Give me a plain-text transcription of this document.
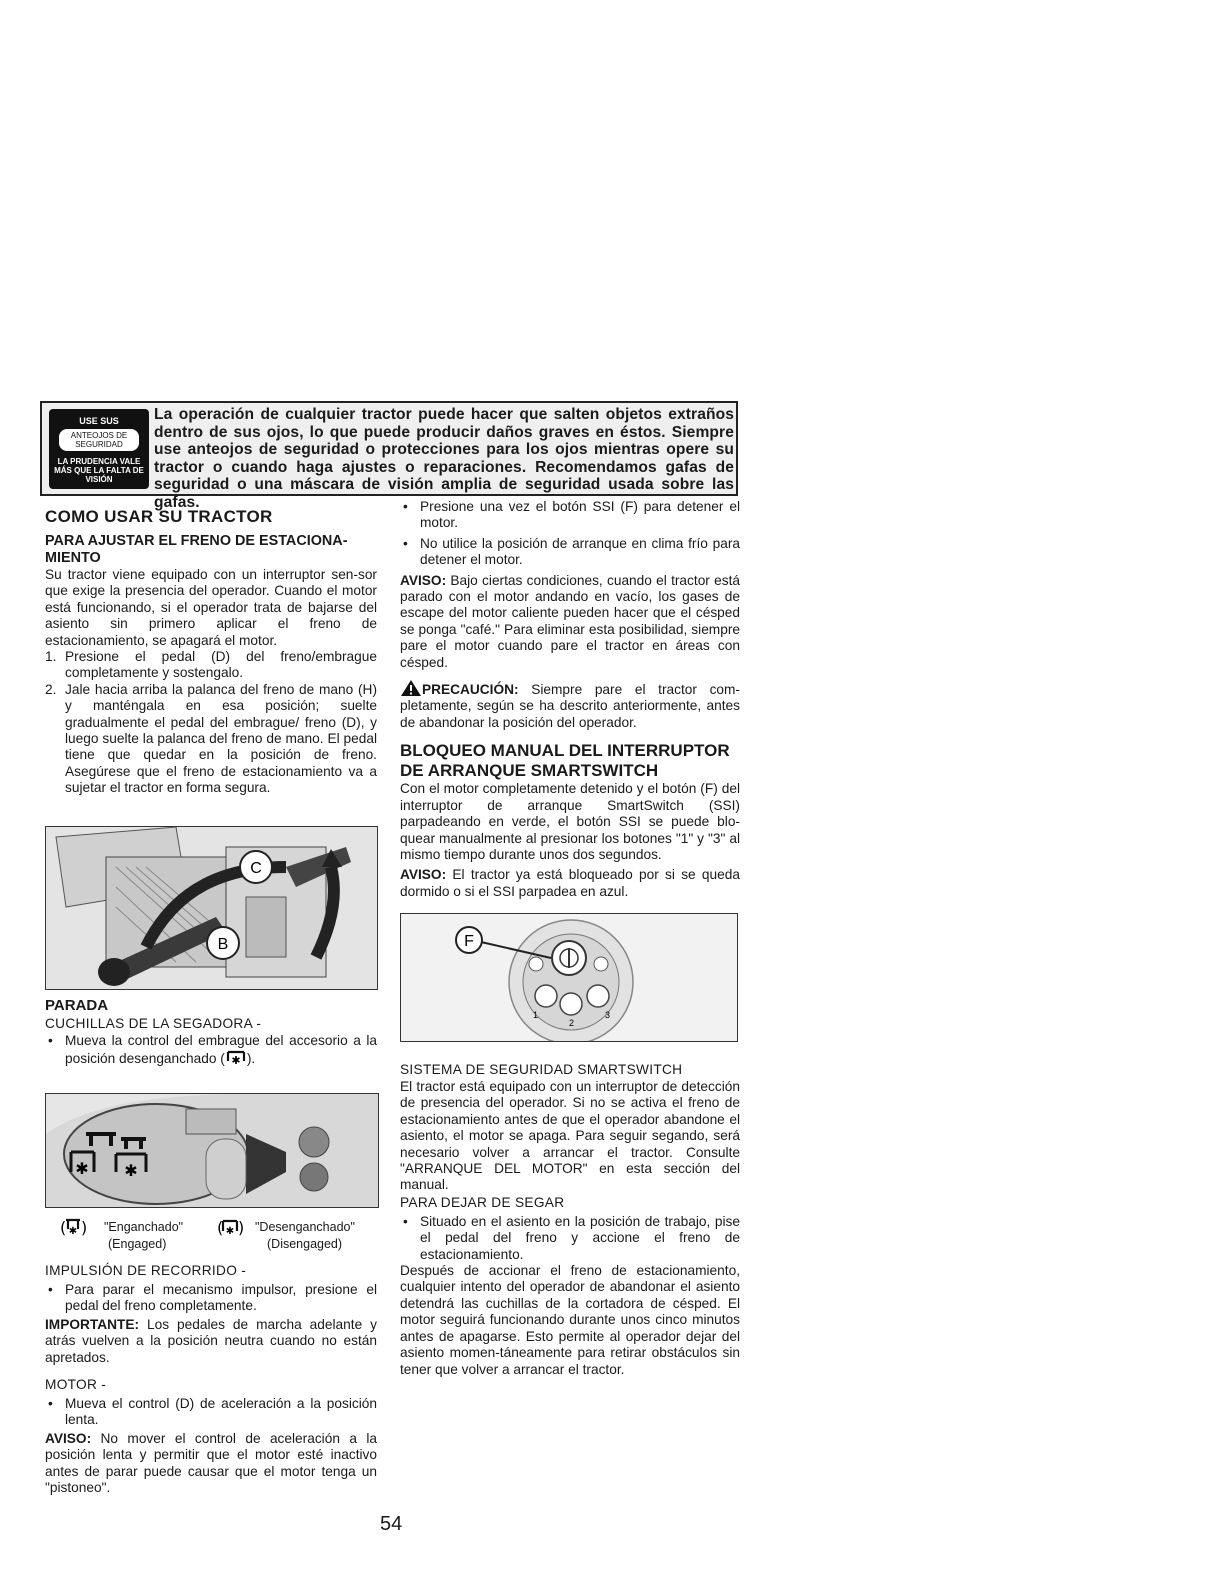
USE SUS
ANTEOJOS DE SEGURIDAD
LA PRUDENCIA VALE MÁS QUE LA FALTA DE VISIÓN
La operación de cualquier tractor puede hacer que salten objetos extraños dentro de sus ojos, lo que puede producir daños graves en éstos. Siempre use anteojos de seguridad o protecciones para los ojos mientras opere su tractor o cuando haga ajustes o reparaciones. Recomendamos gafas de seguridad o una máscara de visión amplia de seguridad usada sobre las gafas.
COMO USAR SU TRACTOR
PARA AJUSTAR EL FRENO DE ESTACIONA-MIENTO

Su tractor viene equipado con un interruptor sen-sor que exige la presencia del operador. Cuando el motor está funcionando, si el operador trata de bajarse del asiento sin primero aplicar el freno de estacionamiento, se apagará el motor.

1. Presione el pedal (D) del freno/embrague completamente y sostengalo.
2. Jale hacia arriba la palanca del freno de mano (H) y manténgala en esa posición; suelte gradualmente el pedal del embrague/ freno (D), y luego suelte la palanca del freno de mano. El pedal tiene que quedar en la posición de freno. Asegúrese que el freno de estacionamiento va a sujetar el tractor en forma segura.
C
B
PARADA
CUCHILLAS DE LA SEGADORA -
• Mueva la control del embrague del accesorio a la posición desenganchado ( ✱ ).
✱ ✱
( ✱ ) "Enganchado"
(Engaged)
( ✱ ) "Desenganchado"
(Disengaged)
IMPULSIÓN DE RECORRIDO -
• Para parar el mecanismo impulsor, presione el pedal del freno completamente.

IMPORTANTE: Los pedales de marcha adelante y atrás vuelven a la posición neutra cuando no están apretados.

MOTOR -
• Mueva el control (D) de aceleración a la posición lenta.

AVISO: No mover el control de aceleración a la posición lenta y permitir que el motor esté inactivo antes de parar puede causar que el motor tenga un "pistoneo".

• Presione una vez el botón SSI (F) para detener el motor.
• No utilice la posición de arranque en clima frío para detener el motor.

AVISO: Bajo ciertas condiciones, cuando el tractor está parado con el motor andando en vacío, los gases de escape del motor caliente pueden hacer que el césped se ponga "café." Para eliminar esta posibilidad, siempre pare el motor cuando pare el tractor en áreas con césped.

PRECAUCIÓN: Siempre pare el tractor com-pletamente, según se ha descrito anteriormente, antes de abandonar la posición del operador.

BLOQUEO MANUAL DEL INTERRUPTOR
DE ARRANQUE SMARTSWITCH

Con el motor completamente detenido y el botón (F) del interruptor de arranque SmartSwitch (SSI) parpadeando en verde, el botón SSI se puede blo-quear manualmente al presionar los botones "1" y "3" al mismo tiempo durante unos dos segundos.

AVISO: El tractor ya está bloqueado por si se queda dormido o si el SSI parpadea en azul.

1
2
3
F
SISTEMA DE SEGURIDAD SMARTSWITCH

El tractor está equipado con un interruptor de detección de presencia del operador. Si no se activa el freno de estacionamiento antes de que el operador abandone el asiento, el motor se apaga. Para seguir segando, será necesario volver a arrancar el tractor. Consulte "ARRANQUE DEL MOTOR" en esta sección del manual.

PARA DEJAR DE SEGAR
• Situado en el asiento en la posición de trabajo, pise el pedal del freno y accione el freno de estacionamiento.

Después de accionar el freno de estacionamiento, cualquier intento del operador de abandonar el asiento detendrá las cuchillas de la cortadora de césped. El motor seguirá funcionando durante unos cinco minutos antes de apagarse. Esto permite al operador dejar del asiento momen-táneamente para retirar obstáculos sin tener que volver a arrancar el tractor.

54
